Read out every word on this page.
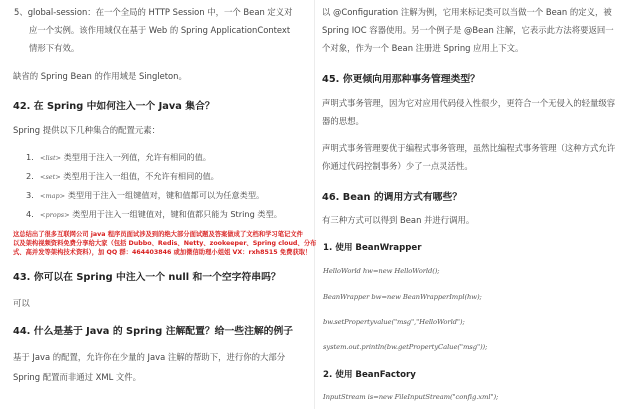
5、global-session：在一个全局的 HTTP Session 中，一个 Bean 定义对
应一个实例。该作用域仅在基于 Web 的 Spring ApplicationContext
情形下有效。
缺省的 Spring Bean 的作用域是 Singleton。
42. 在 Spring 中如何注入一个 Java 集合？
Spring 提供以下几种集合的配置元素：
1. <list> 类型用于注入一列值，允许有相同的值。
2. <set> 类型用于注入一组值，不允许有相同的值。
3. <map> 类型用于注入一组键值对，键和值都可以为任意类型。
4. <props> 类型用于注入一组键值对，键和值都只能为 String 类型。
这总结出了很多互联网公司 java 程序员面试涉及到的绝大部分面试题及答案做成了文档和学习笔记文件
以及架构视频资料免费分享给大家（包括 Dubbo、Redis、Netty、zookeeper、Spring cloud、分布
式、高并发等架构技术资料），加 QQ 群：464403846 或加微信助理小姐姐 VX：rxh8515 免费获取！
43. 你可以在 Spring 中注入一个 null 和一个空字符串吗？
可以
44. 什么是基于 Java 的 Spring 注解配置？给一些注解的例子
基于 Java 的配置，允许你在少量的 Java 注解的帮助下，进行你的大部分
Spring 配置而非通过 XML 文件。
以 @Configuration 注解为例，它用来标记类可以当做一个 Bean 的定义，被
Spring IOC 容器使用。另一个例子是 @Bean 注解，它表示此方法将要返回一
个对象，作为一个 Bean 注册进 Spring 应用上下文。
45. 你更倾向用那种事务管理类型？
声明式事务管理，因为它对应用代码侵入性很少，更符合一个无侵入的轻量级容
器的思想。
声明式事务管理要优于编程式事务管理，虽然比编程式事务管理（这种方式允许
你通过代码控制事务）少了一点灵活性。
46. Bean 的调用方式有哪些？
有三种方式可以得到 Bean 并进行调用。
1. 使用 BeanWrapper
HelloWorld hw=new HelloWorld();
BeanWrapper bw=new BeanWrapperImpl(hw);
bw.setPropertyvalue("msg","HelloWorld");
system.out.println(bw.getPropertyCalue("msg"));
2. 使用 BeanFactory
InputStream is=new FileInputStream("config.xml");
